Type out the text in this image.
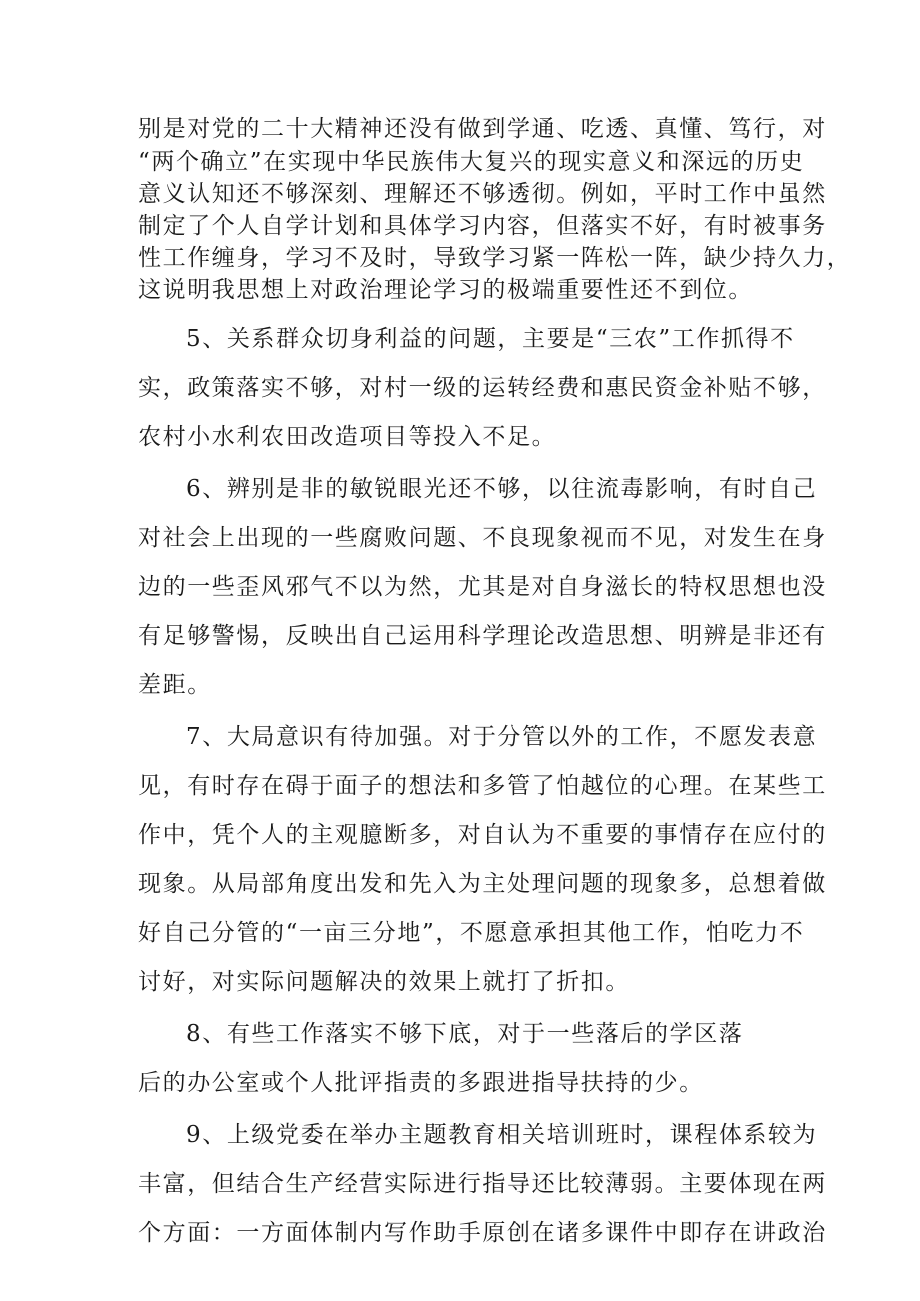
别是对党的二十大精神还没有做到学通、吃透、真懂、笃行，对
“两个确立”在实现中华民族伟大复兴的现实意义和深远的历史
意义认知还不够深刻、理解还不够透彻。例如，平时工作中虽然
制定了个人自学计划和具体学习内容，但落实不好，有时被事务
性工作缠身，学习不及时，导致学习紧一阵松一阵，缺少持久力，
这说明我思想上对政治理论学习的极端重要性还不到位。
5、关系群众切身利益的问题，主要是“三农”工作抓得不
实，政策落实不够，对村一级的运转经费和惠民资金补贴不够，
农村小水利农田改造项目等投入不足。
6、辨别是非的敏锐眼光还不够，以往流毒影响，有时自己
对社会上出现的一些腐败问题、不良现象视而不见，对发生在身
边的一些歪风邪气不以为然，尤其是对自身滋长的特权思想也没
有足够警惕，反映出自己运用科学理论改造思想、明辨是非还有
差距。
7、大局意识有待加强。对于分管以外的工作，不愿发表意
见，有时存在碍于面子的想法和多管了怕越位的心理。在某些工
作中，凭个人的主观臆断多，对自认为不重要的事情存在应付的
现象。从局部角度出发和先入为主处理问题的现象多，总想着做
好自己分管的“一亩三分地”，不愿意承担其他工作，怕吃力不
讨好，对实际问题解决的效果上就打了折扣。
8、有些工作落实不够下底，对于一些落后的学区落
后的办公室或个人批评指责的多跟进指导扶持的少。
9、上级党委在举办主题教育相关培训班时，课程体系较为
丰富，但结合生产经营实际进行指导还比较薄弱。主要体现在两
个方面：一方面体制内写作助手原创在诸多课件中即存在讲政治
